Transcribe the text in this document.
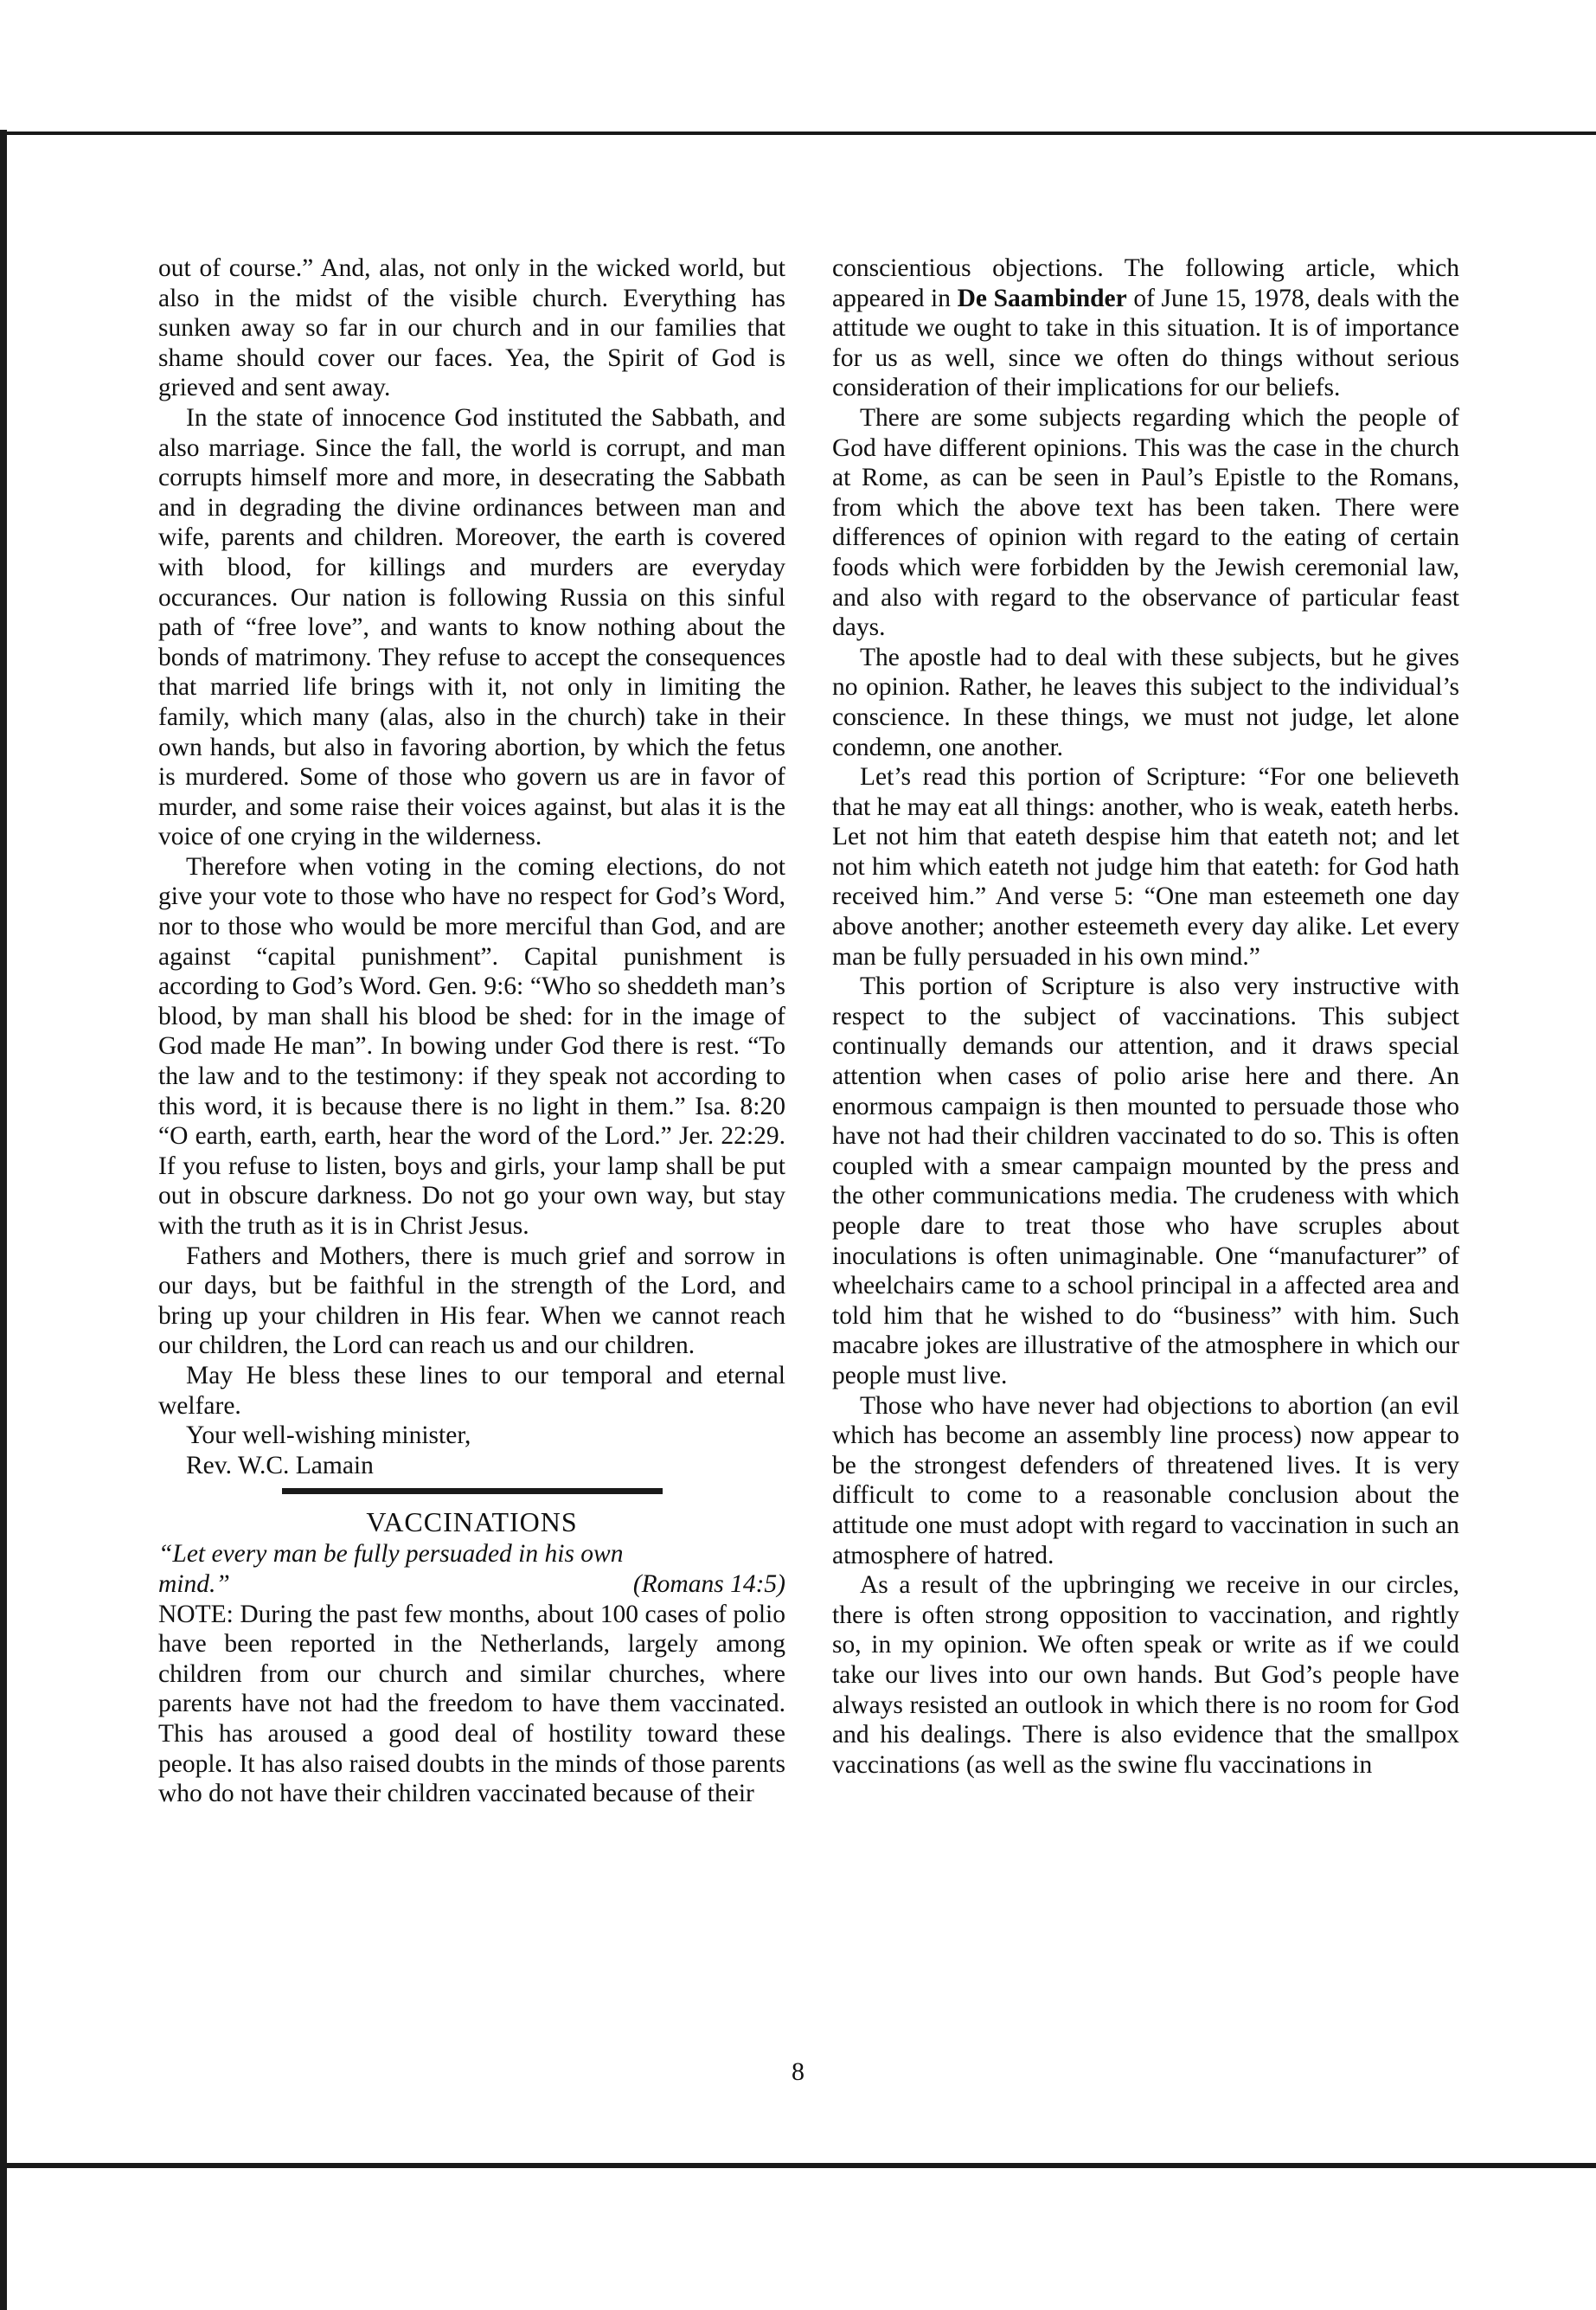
out of course.” And, alas, not only in the wicked world, but also in the midst of the visible church. Everything has sunken away so far in our church and in our families that shame should cover our faces. Yea, the Spirit of God is grieved and sent away.

In the state of innocence God instituted the Sabbath, and also marriage. Since the fall, the world is corrupt, and man corrupts himself more and more, in desecrating the Sabbath and in degrading the divine ordinances between man and wife, parents and children. Moreover, the earth is covered with blood, for killings and murders are everyday occurances. Our nation is following Russia on this sinful path of “free love”, and wants to know nothing about the bonds of matrimony. They refuse to accept the consequences that married life brings with it, not only in limiting the family, which many (alas, also in the church) take in their own hands, but also in favoring abortion, by which the fetus is murdered. Some of those who govern us are in favor of murder, and some raise their voices against, but alas it is the voice of one crying in the wilderness.

Therefore when voting in the coming elections, do not give your vote to those who have no respect for God’s Word, nor to those who would be more merciful than God, and are against “capital punishment”. Capital punishment is according to God’s Word. Gen. 9:6: “Who so sheddeth man’s blood, by man shall his blood be shed: for in the image of God made He man”. In bowing under God there is rest. “To the law and to the testimony: if they speak not according to this word, it is because there is no light in them.” Isa. 8:20 “O earth, earth, earth, hear the word of the Lord.” Jer. 22:29. If you refuse to listen, boys and girls, your lamp shall be put out in obscure darkness. Do not go your own way, but stay with the truth as it is in Christ Jesus.

Fathers and Mothers, there is much grief and sorrow in our days, but be faithful in the strength of the Lord, and bring up your children in His fear. When we cannot reach our children, the Lord can reach us and our children.

May He bless these lines to our temporal and eternal welfare.

Your well-wishing minister,
Rev. W.C. Lamain

VACCINATIONS
“Let every man be fully persuaded in his own
mind.”	(Romans 14:5)

NOTE: During the past few months, about 100 cases of polio have been reported in the Netherlands, largely among children from our church and similar churches, where parents have not had the freedom to have them vaccinated. This has aroused a good deal of hostility toward these people. It has also raised doubts in the minds of those parents who do not have their children vaccinated because of their

conscientious objections. The following article, which appeared in De Saambinder of June 15, 1978, deals with the attitude we ought to take in this situation. It is of importance for us as well, since we often do things without serious consideration of their implications for our beliefs.

There are some subjects regarding which the people of God have different opinions. This was the case in the church at Rome, as can be seen in Paul’s Epistle to the Romans, from which the above text has been taken. There were differences of opinion with regard to the eating of certain foods which were forbidden by the Jewish ceremonial law, and also with regard to the observance of particular feast days.

The apostle had to deal with these subjects, but he gives no opinion. Rather, he leaves this subject to the individual’s conscience. In these things, we must not judge, let alone condemn, one another.

Let’s read this portion of Scripture: “For one believeth that he may eat all things: another, who is weak, eateth herbs. Let not him that eateth despise him that eateth not; and let not him which eateth not judge him that eateth: for God hath received him.” And verse 5: “One man esteemeth one day above another; another esteemeth every day alike. Let every man be fully persuaded in his own mind.”

This portion of Scripture is also very instructive with respect to the subject of vaccinations. This subject continually demands our attention, and it draws special attention when cases of polio arise here and there. An enormous campaign is then mounted to persuade those who have not had their children vaccinated to do so. This is often coupled with a smear campaign mounted by the press and the other communications media. The crudeness with which people dare to treat those who have scruples about inoculations is often unimaginable. One “manufacturer” of wheelchairs came to a school principal in a affected area and told him that he wished to do “business” with him. Such macabre jokes are illustrative of the atmosphere in which our people must live.

Those who have never had objections to abortion (an evil which has become an assembly line process) now appear to be the strongest defenders of threatened lives. It is very difficult to come to a reasonable conclusion about the attitude one must adopt with regard to vaccination in such an atmosphere of hatred.

As a result of the upbringing we receive in our circles, there is often strong opposition to vaccination, and rightly so, in my opinion. We often speak or write as if we could take our lives into our own hands. But God’s people have always resisted an outlook in which there is no room for God and his dealings. There is also evidence that the smallpox vaccinations (as well as the swine flu vaccinations in

8
